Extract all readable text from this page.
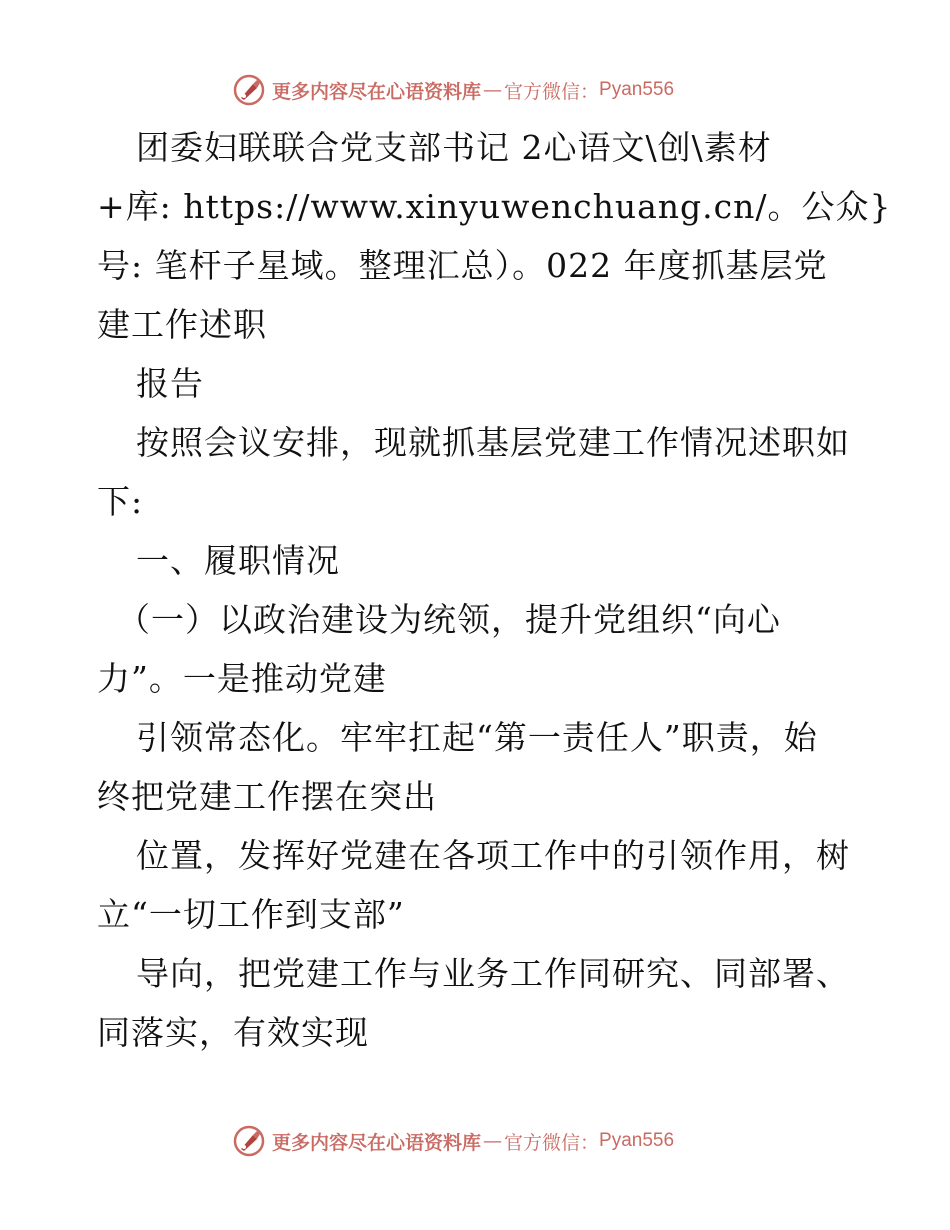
更多内容尽在心语资料库 — 官方微信： Pyan556
团委妇联联合党支部书记 2心语文\创\素材
+库: https://www.xinyuwenchuang.cn/。公众}
号: 笔杆子星域。整理汇总）。022 年度抓基层党
建工作述职
报告
按照会议安排，现就抓基层党建工作情况述职如
下:
一、履职情况
（一）以政治建设为统领，提升党组织“向心
力”。一是推动党建
引领常态化。牢牢扛起“第一责任人”职责，始
终把党建工作摆在突出
位置，发挥好党建在各项工作中的引领作用，树
立“一切工作到支部”
导向，把党建工作与业务工作同研究、同部署、
同落实，有效实现
更多内容尽在心语资料库 — 官方微信： Pyan556
